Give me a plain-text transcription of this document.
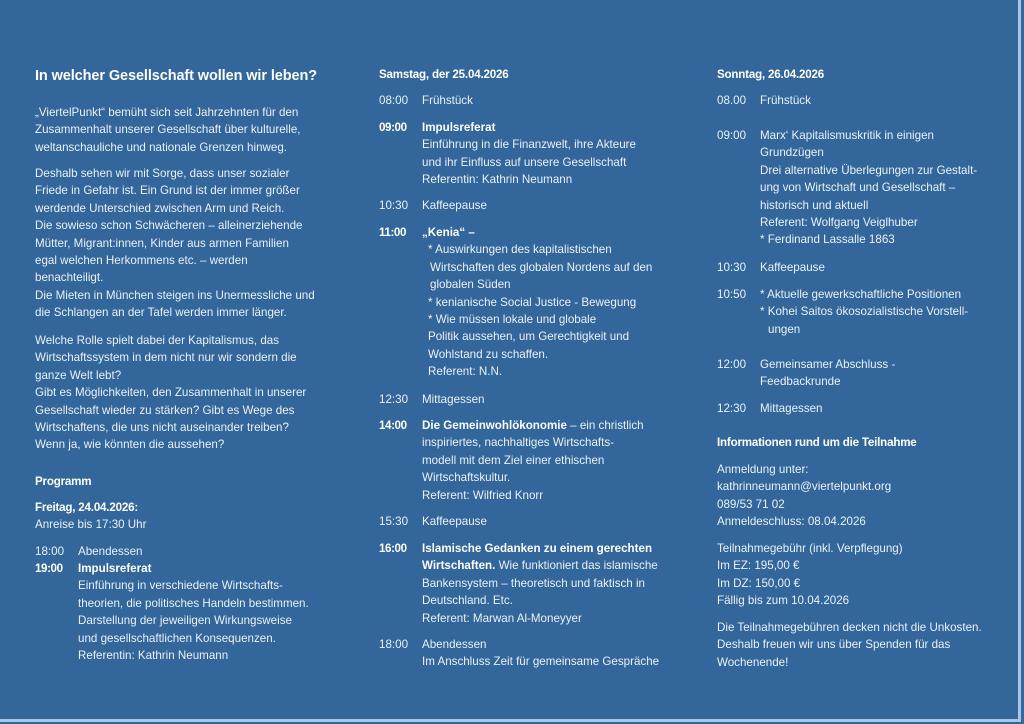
In welcher Gesellschaft wollen wir leben?
„ViertelPunkt“ bemüht sich seit Jahrzehnten für den
Zusammenhalt unserer Gesellschaft über kulturelle,
weltanschauliche und nationale Grenzen hinweg.
Deshalb sehen wir mit Sorge, dass unser sozialer
Friede in Gefahr ist. Ein Grund ist der immer größer
werdende Unterschied zwischen Arm und Reich.
Die sowieso schon Schwächeren – alleinerziehende
Mütter, Migrant:innen, Kinder aus armen Familien
egal welchen Herkommens etc. – werden
benachteiligt.
Die Mieten in München steigen ins Unermessliche und
die Schlangen an der Tafel werden immer länger.
Welche Rolle spielt dabei der Kapitalismus, das
Wirtschaftssystem in dem nicht nur wir sondern die
ganze Welt lebt?
Gibt es Möglichkeiten, den Zusammenhalt in unserer
Gesellschaft wieder zu stärken? Gibt es Wege des
Wirtschaftens, die uns nicht auseinander treiben?
Wenn ja, wie könnten die aussehen?
Programm
Freitag, 24.04.2026:
Anreise bis 17:30 Uhr
18:00	Abendessen
19:00	Impulsreferat
Einführung in verschiedene Wirtschafts-
theorien, die politisches Handeln bestimmen.
Darstellung der jeweiligen Wirkungsweise
und gesellschaftlichen Konsequenzen.
Referentin: Kathrin Neumann
Samstag, der 25.04.2026
08:00	Frühstück
09:00	Impulsreferat
Einführung in die Finanzwelt, ihre Akteure
und ihr Einfluss auf unsere Gesellschaft
Referentin: Kathrin Neumann
10:30	Kaffeepause
11:00	„Kenia“ –
* Auswirkungen des kapitalistischen
Wirtschaften des globalen Nordens auf den
globalen Süden
* kenianische Social Justice - Bewegung
* Wie müssen lokale und globale
Politik aussehen, um Gerechtigkeit und
Wohlstand zu schaffen.
Referent: N.N.
12:30	Mittagessen
14:00	Die Gemeinwohlökonomie – ein christlich
inspiriertes, nachhaltiges Wirtschafts-
modell mit dem Ziel einer ethischen
Wirtschaftskultur.
Referent: Wilfried Knorr
15:30	Kaffeepause
16:00	Islamische Gedanken zu einem gerechten
Wirtschaften. Wie funktioniert das islamische
Bankensystem – theoretisch und faktisch in
Deutschland. Etc.
Referent: Marwan Al-Moneyyer
18:00	Abendessen
Im Anschluss Zeit für gemeinsame Gespräche
Sonntag, 26.04.2026
08.00	Frühstück
09:00	Marx‘ Kapitalismuskritik in einigen
Grundzügen
Drei alternative Überlegungen zur Gestalt-
ung von Wirtschaft und Gesellschaft –
historisch und aktuell
Referent: Wolfgang Veiglhuber
* Ferdinand Lassalle 1863
10:30	Kaffeepause
10:50	* Aktuelle gewerkschaftliche Positionen
* Kohei Saitos ökosozialistische Vorstell-
ungen
12:00	Gemeinsamer Abschluss -
Feedbackrunde
12:30	Mittagessen
Informationen rund um die Teilnahme
Anmeldung unter:
kathrinneumann@viertelpunkt.org
089/53 71 02
Anmeldeschluss: 08.04.2026
Teilnahmegebühr (inkl. Verpflegung)
Im EZ: 195,00 €
Im DZ: 150,00 €
Fällig bis zum 10.04.2026
Die Teilnahmegebühren decken nicht die Unkosten.
Deshalb freuen wir uns über Spenden für das
Wochenende!
